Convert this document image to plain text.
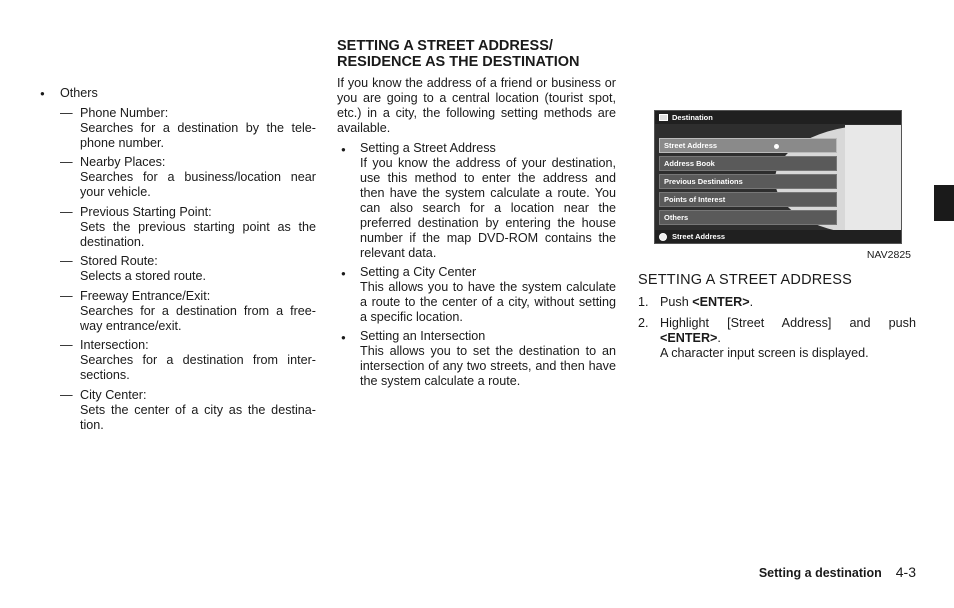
● Others
— Phone Number:
Searches for a destination by the tele-phone number.
— Nearby Places:
Searches for a business/location near your vehicle.
— Previous Starting Point:
Sets the previous starting point as the destination.
— Stored Route:
Selects a stored route.
— Freeway Entrance/Exit:
Searches for a destination from a free-way entrance/exit.
— Intersection:
Searches for a destination from inter-sections.
— City Center:
Sets the center of a city as the destina-tion.
SETTING A STREET ADDRESS/
RESIDENCE AS THE DESTINATION
If you know the address of a friend or business or you are going to a central location (tourist spot, etc.) in a city, the following setting methods are available.
● Setting a Street Address
If you know the address of your destination, use this method to enter the address and then have the system calculate a route. You can also search for a location near the preferred destination by entering the house number if the map DVD-ROM contains the relevant data.
● Setting a City Center
This allows you to have the system calculate a route to the center of a city, without setting a specific location.
● Setting an Intersection
This allows you to set the destination to an intersection of any two streets, and then have the system calculate a route.
Destination
Street Address
Address Book
Previous Destinations
Points of Interest
Others
Street Address
NAV2825
SETTING A STREET ADDRESS
1. Push <ENTER>.
2. Highlight [Street Address] and push <ENTER>.
A character input screen is displayed.
Setting a destination 4-3
